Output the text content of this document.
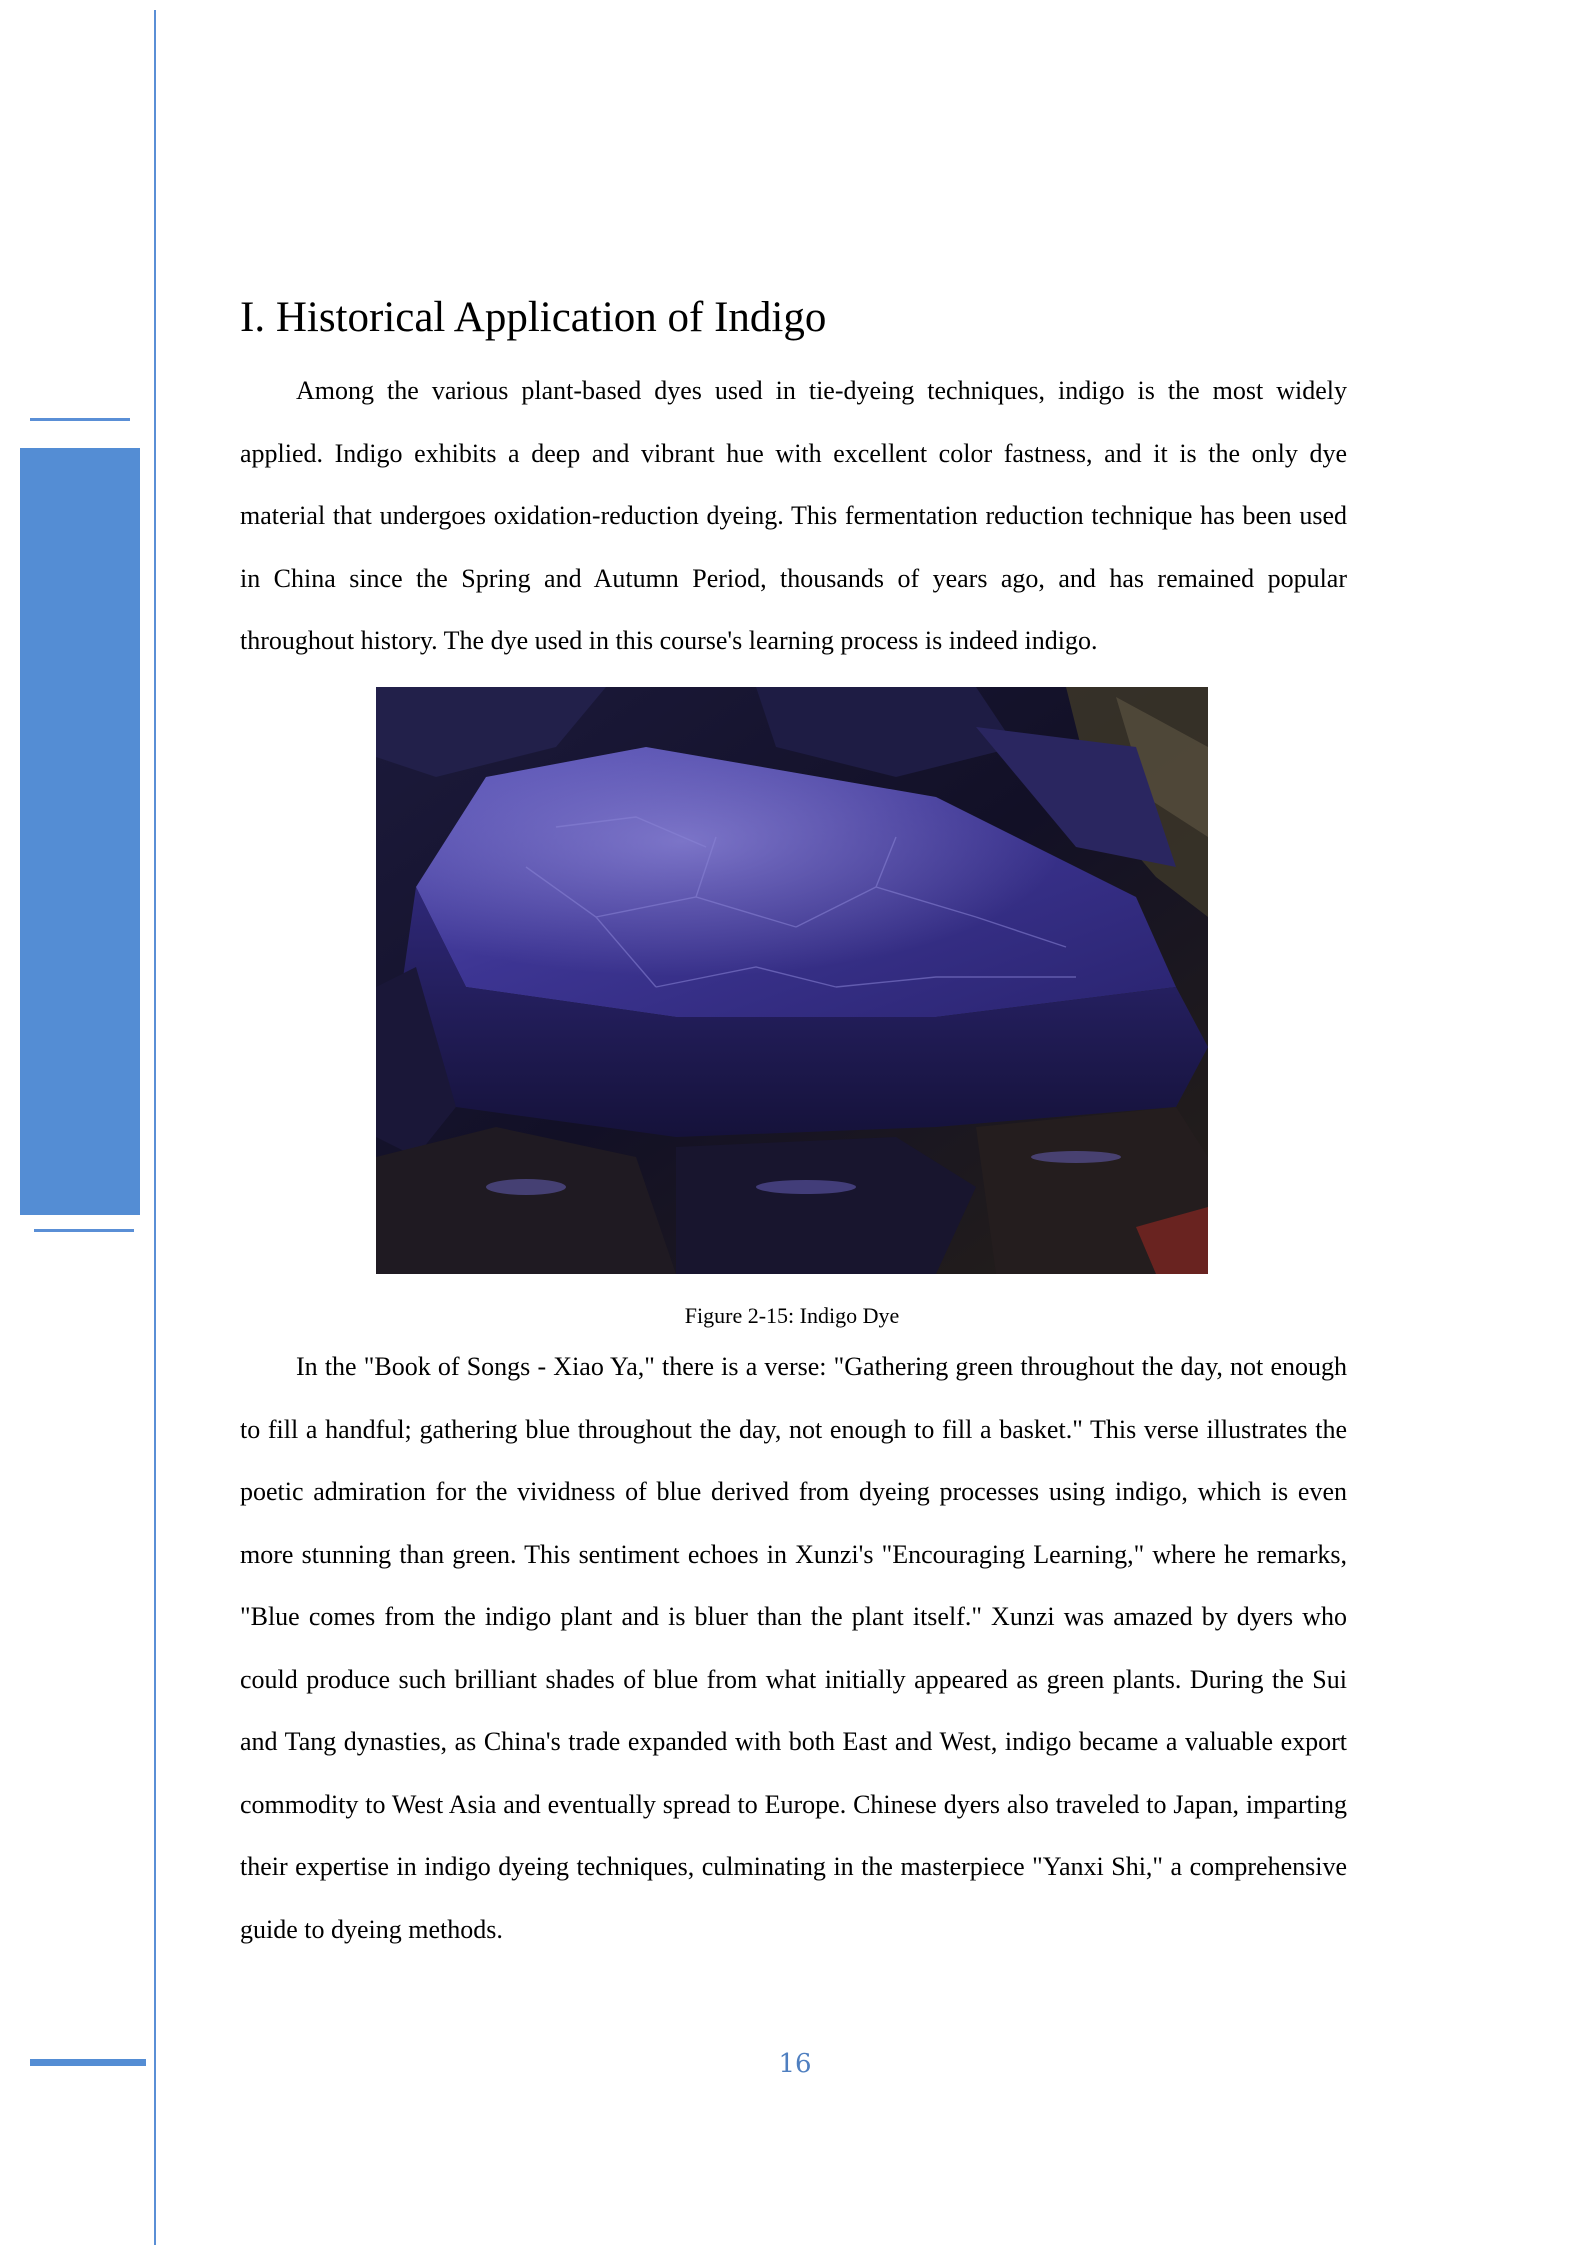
I. Historical Application of Indigo

Among the various plant-based dyes used in tie-dyeing techniques, indigo is the most widely applied. Indigo exhibits a deep and vibrant hue with excellent color fastness, and it is the only dye material that undergoes oxidation-reduction dyeing. This fermentation reduction technique has been used in China since the Spring and Autumn Period, thousands of years ago, and has remained popular throughout history. The dye used in this course's learning process is indeed indigo.

Figure 2-15: Indigo Dye

In the "Book of Songs - Xiao Ya," there is a verse: "Gathering green throughout the day, not enough to fill a handful; gathering blue throughout the day, not enough to fill a basket." This verse illustrates the poetic admiration for the vividness of blue derived from dyeing processes using indigo, which is even more stunning than green. This sentiment echoes in Xunzi's "Encouraging Learning," where he remarks, "Blue comes from the indigo plant and is bluer than the plant itself." Xunzi was amazed by dyers who could produce such brilliant shades of blue from what initially appeared as green plants. During the Sui and Tang dynasties, as China's trade expanded with both East and West, indigo became a valuable export commodity to West Asia and eventually spread to Europe. Chinese dyers also traveled to Japan, imparting their expertise in indigo dyeing techniques, culminating in the masterpiece "Yanxi Shi," a comprehensive guide to dyeing methods.

16
